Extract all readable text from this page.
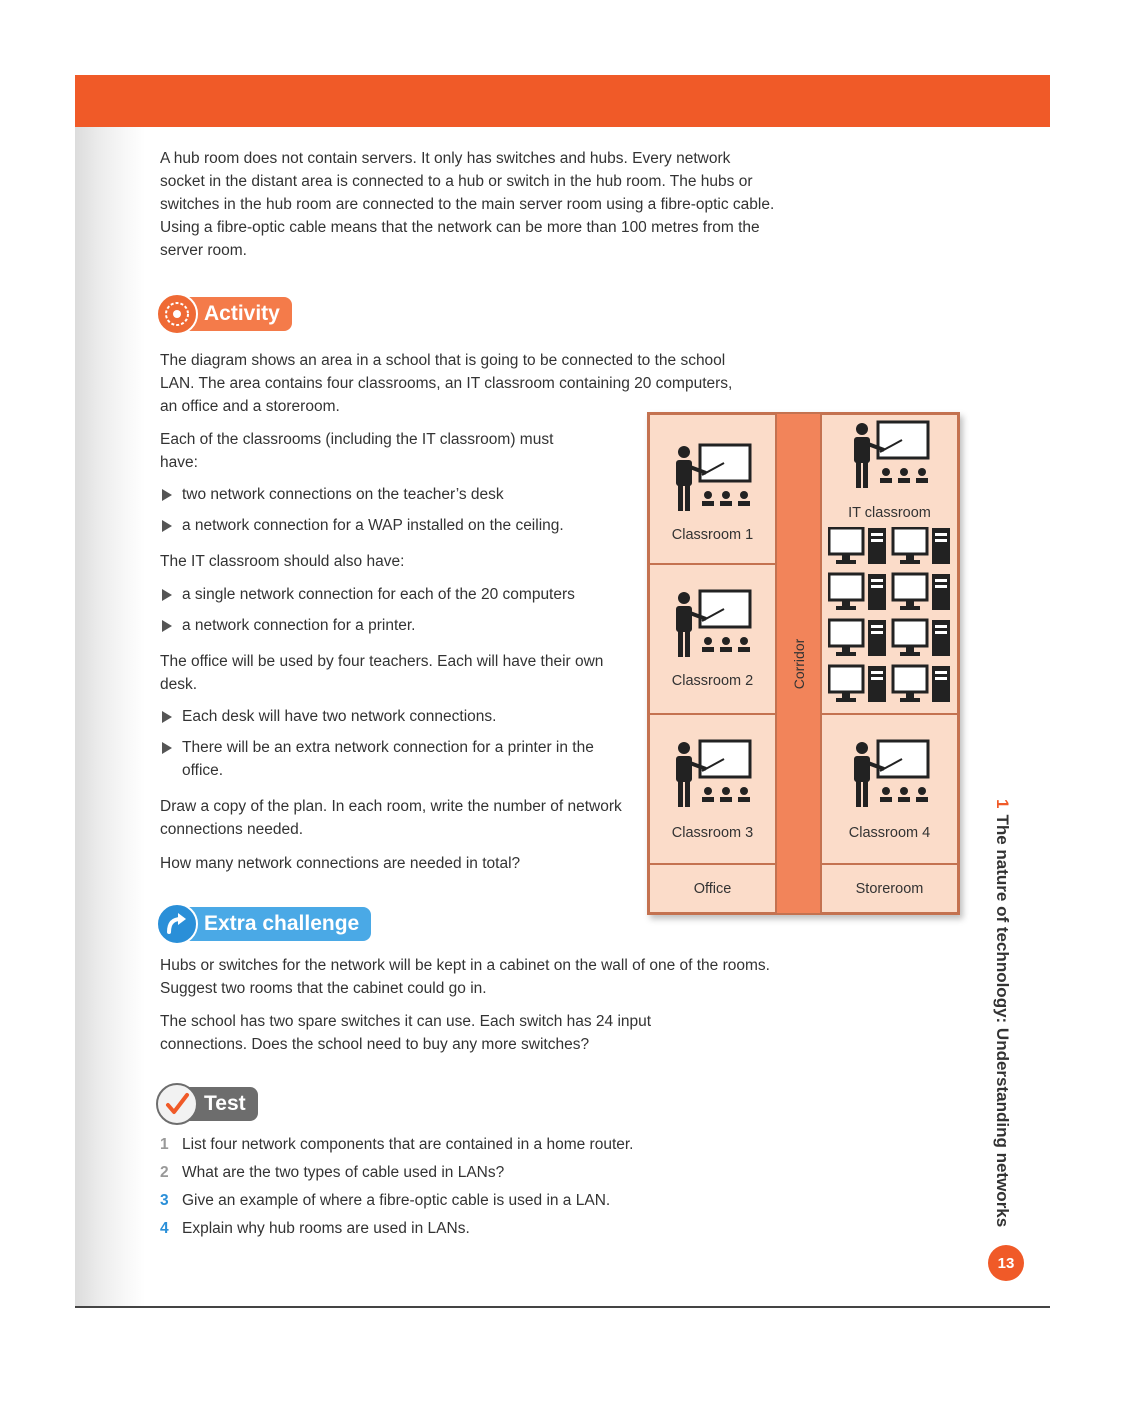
A hub room does not contain servers. It only has switches and hubs. Every network socket in the distant area is connected to a hub or switch in the hub room. The hubs or switches in the hub room are connected to the main server room using a fibre-optic cable. Using a fibre-optic cable means that the network can be more than 100 metres from the server room.

Activity

The diagram shows an area in a school that is going to be connected to the school LAN. The area contains four classrooms, an IT classroom containing 20 computers, an office and a storeroom.

Each of the classrooms (including the IT classroom) must have:

two network connections on the teacher’s desk
a network connection for a WAP installed on the ceiling.

The IT classroom should also have:

a single network connection for each of the 20 computers
a network connection for a printer.

The office will be used by four teachers. Each will have their own desk.

Each desk will have two network connections.
There will be an extra network connection for a printer in the office.

Draw a copy of the plan. In each room, write the number of network connections needed.

How many network connections are needed in total?

Classroom 1
Classroom 2
Classroom 3
Office
Corridor
IT classroom
Classroom 4
Storeroom
Extra challenge

Hubs or switches for the network will be kept in a cabinet on the wall of one of the rooms. Suggest two rooms that the cabinet could go in.

The school has two spare switches it can use. Each switch has 24 input connections. Does the school need to buy any more switches?

Test
1 List four network components that are contained in a home router.
2 What are the two types of cable used in LANs?
3 Give an example of where a fibre-optic cable is used in a LAN.
4 Explain why hub rooms are used in LANs.
1The nature of technology: Understanding networks
13
